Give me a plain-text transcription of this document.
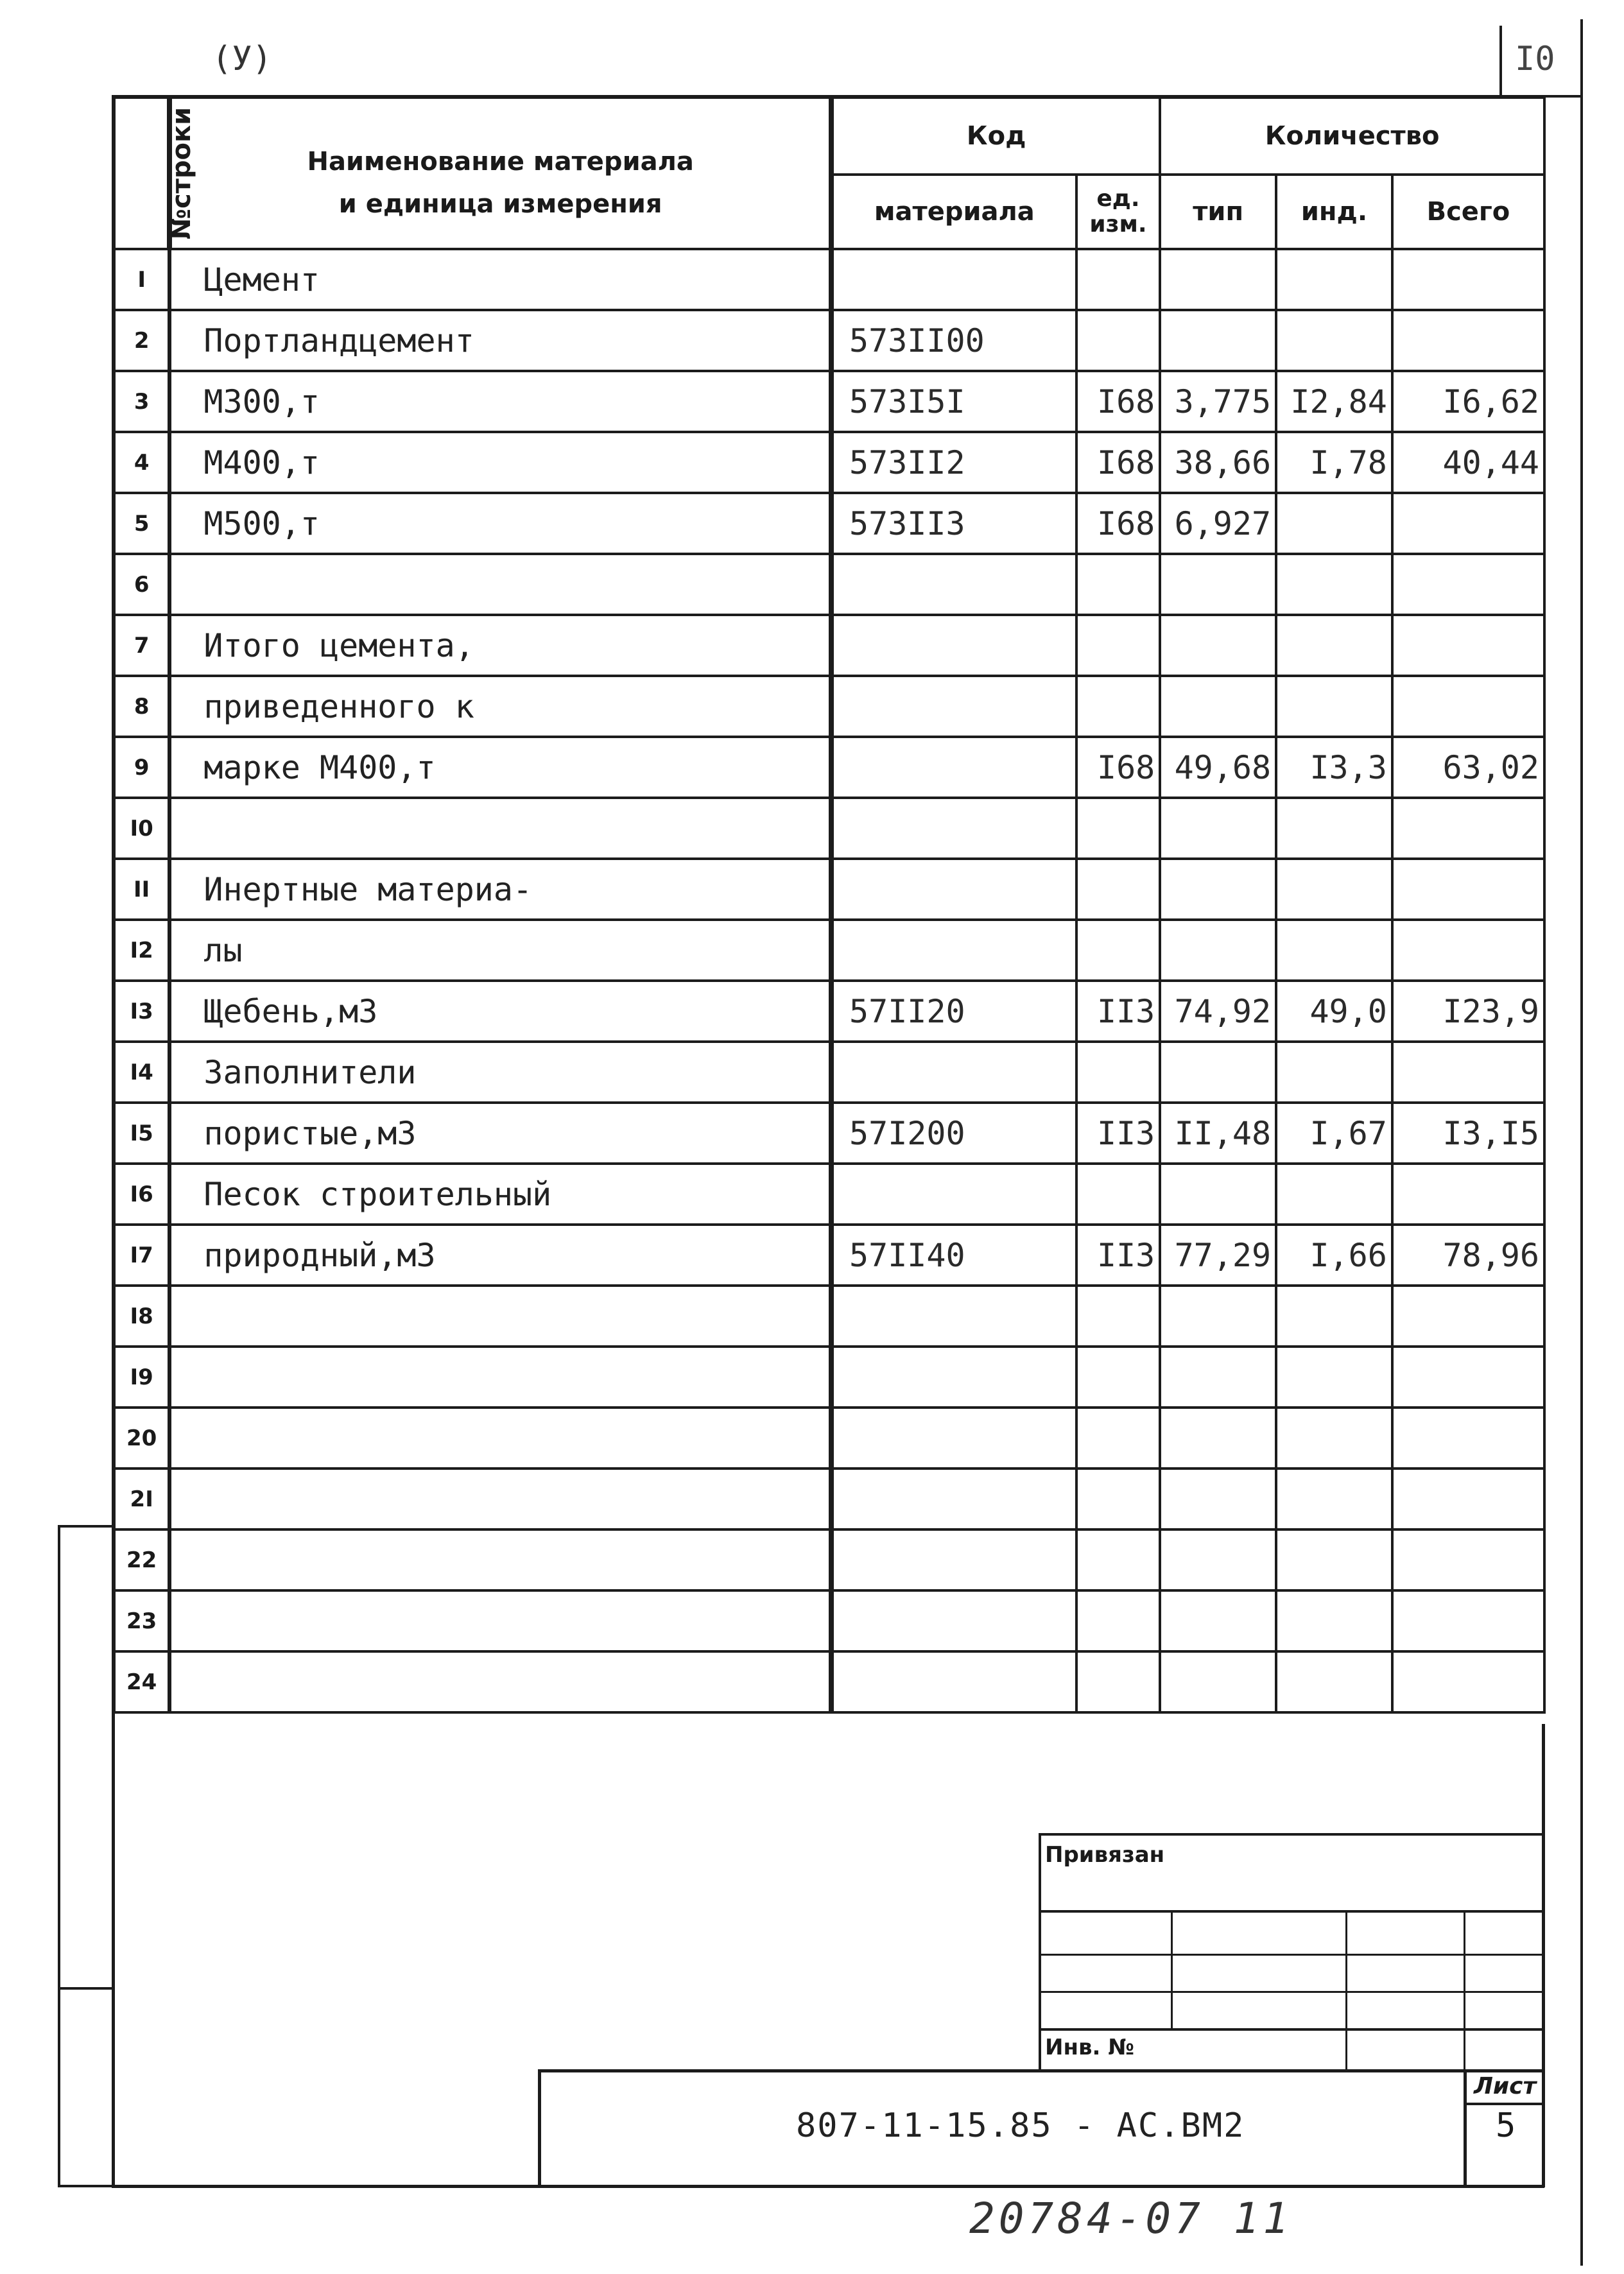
(У)	I0
№строки	Наименование материала
и единица измерения	Код		Количество		
		материала	ед.
изм.	тип	инд.	Всего
I	Цемент					
2	Портландцемент	573II00				
3	M300,т	573I5I	I68	3,775	I2,84	I6,62
4	M400,т	573II2	I68	38,66	I,78	40,44
5	M500,т	573II3	I68	6,927		
6						
7	Итого цемента,					
8	приведенного к					
9	марке M400,т		I68	49,68	I3,3	63,02
I0						
II	Инертные материа-					
I2	лы					
I3	Щебень,м3	57II20	II3	74,92	49,0	I23,9
I4	Заполнители					
I5	пористые,м3	57I200	II3	II,48	I,67	I3,I5
I6	Песок строительный					
I7	природный,м3	57II40	II3	77,29	I,66	78,96
I8						
I9						
20						
2I						
22						
23						
24						
Привязан
Инв. №
807-11-15.85 - АС.ВМ2
Лист
5
20784-07 11
